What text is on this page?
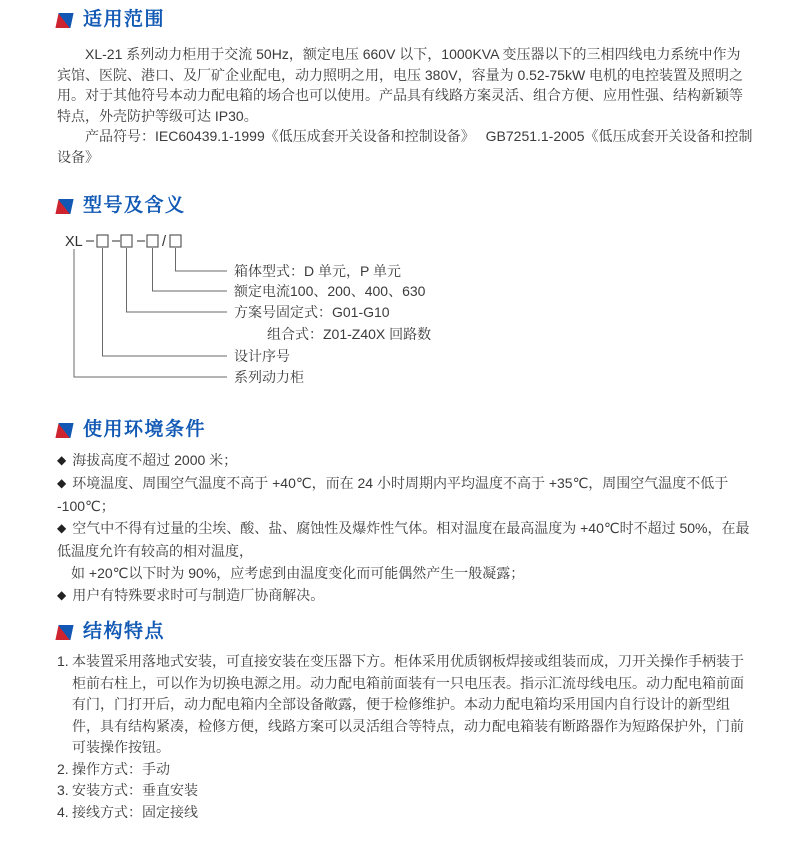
适用范围

XL-21 系列动力柜用于交流 50Hz，额定电压 660V 以下，1000KVA 变压器以下的三相四线电力系统中作为宾馆、医院、港口、及厂矿企业配电，动力照明之用，电压 380V，容量为 0.52-75kW 电机的电控装置及照明之用。对于其他符号本动力配电箱的场合也可以使用。产品具有线路方案灵活、组合方便、应用性强、结构新颖等特点，外壳防护等级可达 IP30。

产品符号：IEC60439.1-1999《低压成套开关设备和控制设备》　 GB7251.1-2005《低压成套开关设备和控制设备》

型号及含义
XL – – – /
箱体型式：D 单元，P 单元
额定电流100、200、400、630
方案号固定式：G01-G10
组合式：Z01-Z40X 回路数
设计序号
系列动力柜
使用环境条件

◆ 海拔高度不超过 2000 米；

◆ 环境温度、周围空气温度不高于 +40℃，而在 24 小时周期内平均温度不高于 +35℃，周围空气温度不低于 -100℃；

◆ 空气中不得有过量的尘埃、酸、盐、腐蚀性及爆炸性气体。相对温度在最高温度为 +40℃时不超过 50%，在最低温度允许有较高的相对温度，

如 +20℃以下时为 90%，应考虑到由温度变化而可能偶然产生一般凝露；

◆ 用户有特殊要求时可与制造厂协商解决。

结构特点
1. 本装置采用落地式安装，可直接安装在变压器下方。柜体采用优质钢板焊接或组装而成，刀开关操作手柄装于柜前右柱上，可以作为切换电源之用。动力配电箱前面装有一只电压表。指示汇流母线电压。动力配电箱前面有门，门打开后，动力配电箱内全部设备敞露，便于检修维护。本动力配电箱均采用国内自行设计的新型组件，具有结构紧凑，检修方便，线路方案可以灵活组合等特点，动力配电箱装有断路器作为短路保护外，门前可装操作按钮。
2. 操作方式：手动
3. 安装方式：垂直安装
4. 接线方式：固定接线
